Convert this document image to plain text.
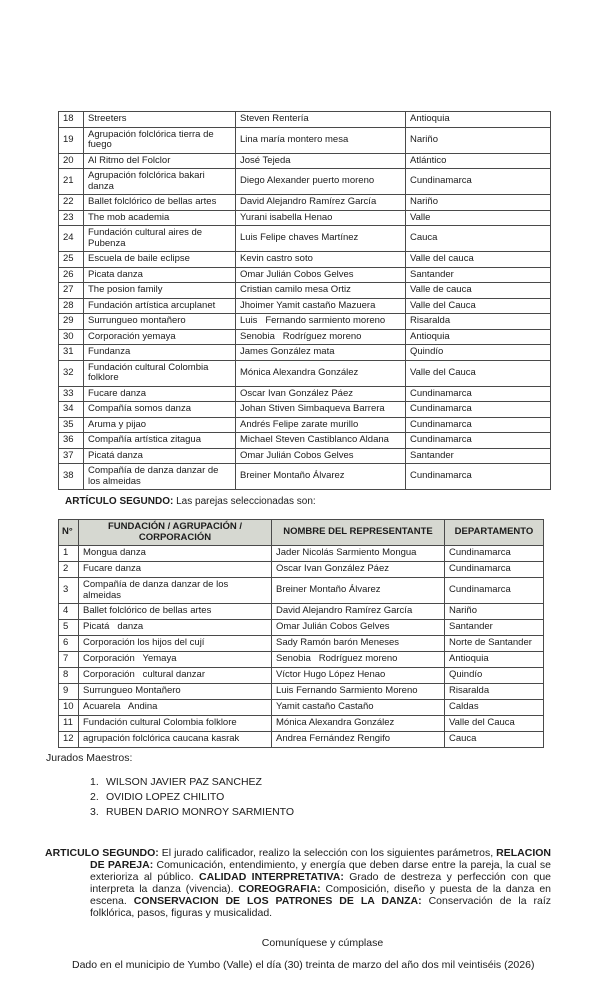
18	Streeters	Steven Rentería	Antioquia
19	Agrupación folclórica tierra de fuego	Lina maría montero mesa	Nariño
20	Al Ritmo del Folclor	José Tejeda	Atlántico
21	Agrupación folclórica bakari danza	Diego Alexander puerto moreno	Cundinamarca
22	Ballet folclórico de bellas artes	David Alejandro Ramírez García	Nariño
23	The mob academia	Yurani isabella Henao	Valle
24	Fundación cultural aires de Pubenza	Luis Felipe chaves Martínez	Cauca
25	Escuela de baile eclipse	Kevin castro soto	Valle del cauca
26	Picata danza	Omar Julián Cobos Gelves	Santander
27	The posion family	Cristian camilo mesa Ortiz	Valle de cauca
28	Fundación artística arcuplanet	Jhoimer Yamit castaño Mazuera	Valle del Cauca
29	Surrungueo montañero	Luis   Fernando sarmiento moreno	Risaralda
30	Corporación yemaya	Senobia   Rodríguez moreno	Antioquia
31	Fundanza	James González mata	Quindío
32	Fundación cultural Colombia folklore	Mónica Alexandra González	Valle del Cauca
33	Fucare danza	Oscar Ivan González Páez	Cundinamarca
34	Compañía somos danza	Johan Stiven Simbaqueva Barrera	Cundinamarca
35	Aruma y pijao	Andrés Felipe zarate murillo	Cundinamarca
36	Compañía artística zitagua	Michael Steven Castiblanco Aldana	Cundinamarca
37	Picatá danza	Omar Julián Cobos Gelves	Santander
38	Compañía de danza danzar de los almeidas	Breiner Montaño Álvarez	Cundinamarca

ARTÍCULO SEGUNDO: Las parejas seleccionadas son:

N°	FUNDACIÓN / AGRUPACIÓN / CORPORACIÓN	NOMBRE DEL REPRESENTANTE	DEPARTAMENTO
1	Mongua danza	Jader Nicolás Sarmiento Mongua	Cundinamarca
2	Fucare danza	Oscar Ivan González Páez	Cundinamarca
3	Compañía de danza danzar de los almeidas	Breiner Montaño Álvarez	Cundinamarca
4	Ballet folclórico de bellas artes	David Alejandro Ramírez García	Nariño
5	Picatá   danza	Omar Julián Cobos Gelves	Santander
6	Corporación los hijos del cují	Sady Ramón barón Meneses	Norte de Santander
7	Corporación   Yemaya	Senobia   Rodríguez moreno	Antioquia
8	Corporación   cultural danzar	Víctor Hugo López Henao	Quindío
9	Surrungueo Montañero	Luis Fernando Sarmiento Moreno	Risaralda
10	Acuarela   Andina	Yamit castaño Castaño	Caldas
11	Fundación cultural Colombia folklore	Mónica Alexandra González	Valle del Cauca
12	agrupación folclórica caucana kasrak	Andrea Fernández Rengifo	Cauca

Jurados Maestros:

1. WILSON JAVIER PAZ SANCHEZ
2. OVIDIO LOPEZ CHILITO
3. RUBEN DARIO MONROY SARMIENTO

ARTICULO SEGUNDO: El jurado calificador, realizo la selección con los siguientes parámetros, RELACION DE PAREJA: Comunicación, entendimiento, y energía que deben darse entre la pareja, la cual se exterioriza al público. CALIDAD INTERPRETATIVA: Grado de destreza y perfección con que interpreta la danza (vivencia). COREOGRAFIA: Composición, diseño y puesta de la danza en escena. CONSERVACION DE LOS PATRONES DE LA DANZA: Conservación de la raíz folklórica, pasos, figuras y musicalidad.

Comuníquese y cúmplase

Dado en el municipio de Yumbo (Valle) el día (30) treinta de marzo del año dos mil veintiséis (2026)
